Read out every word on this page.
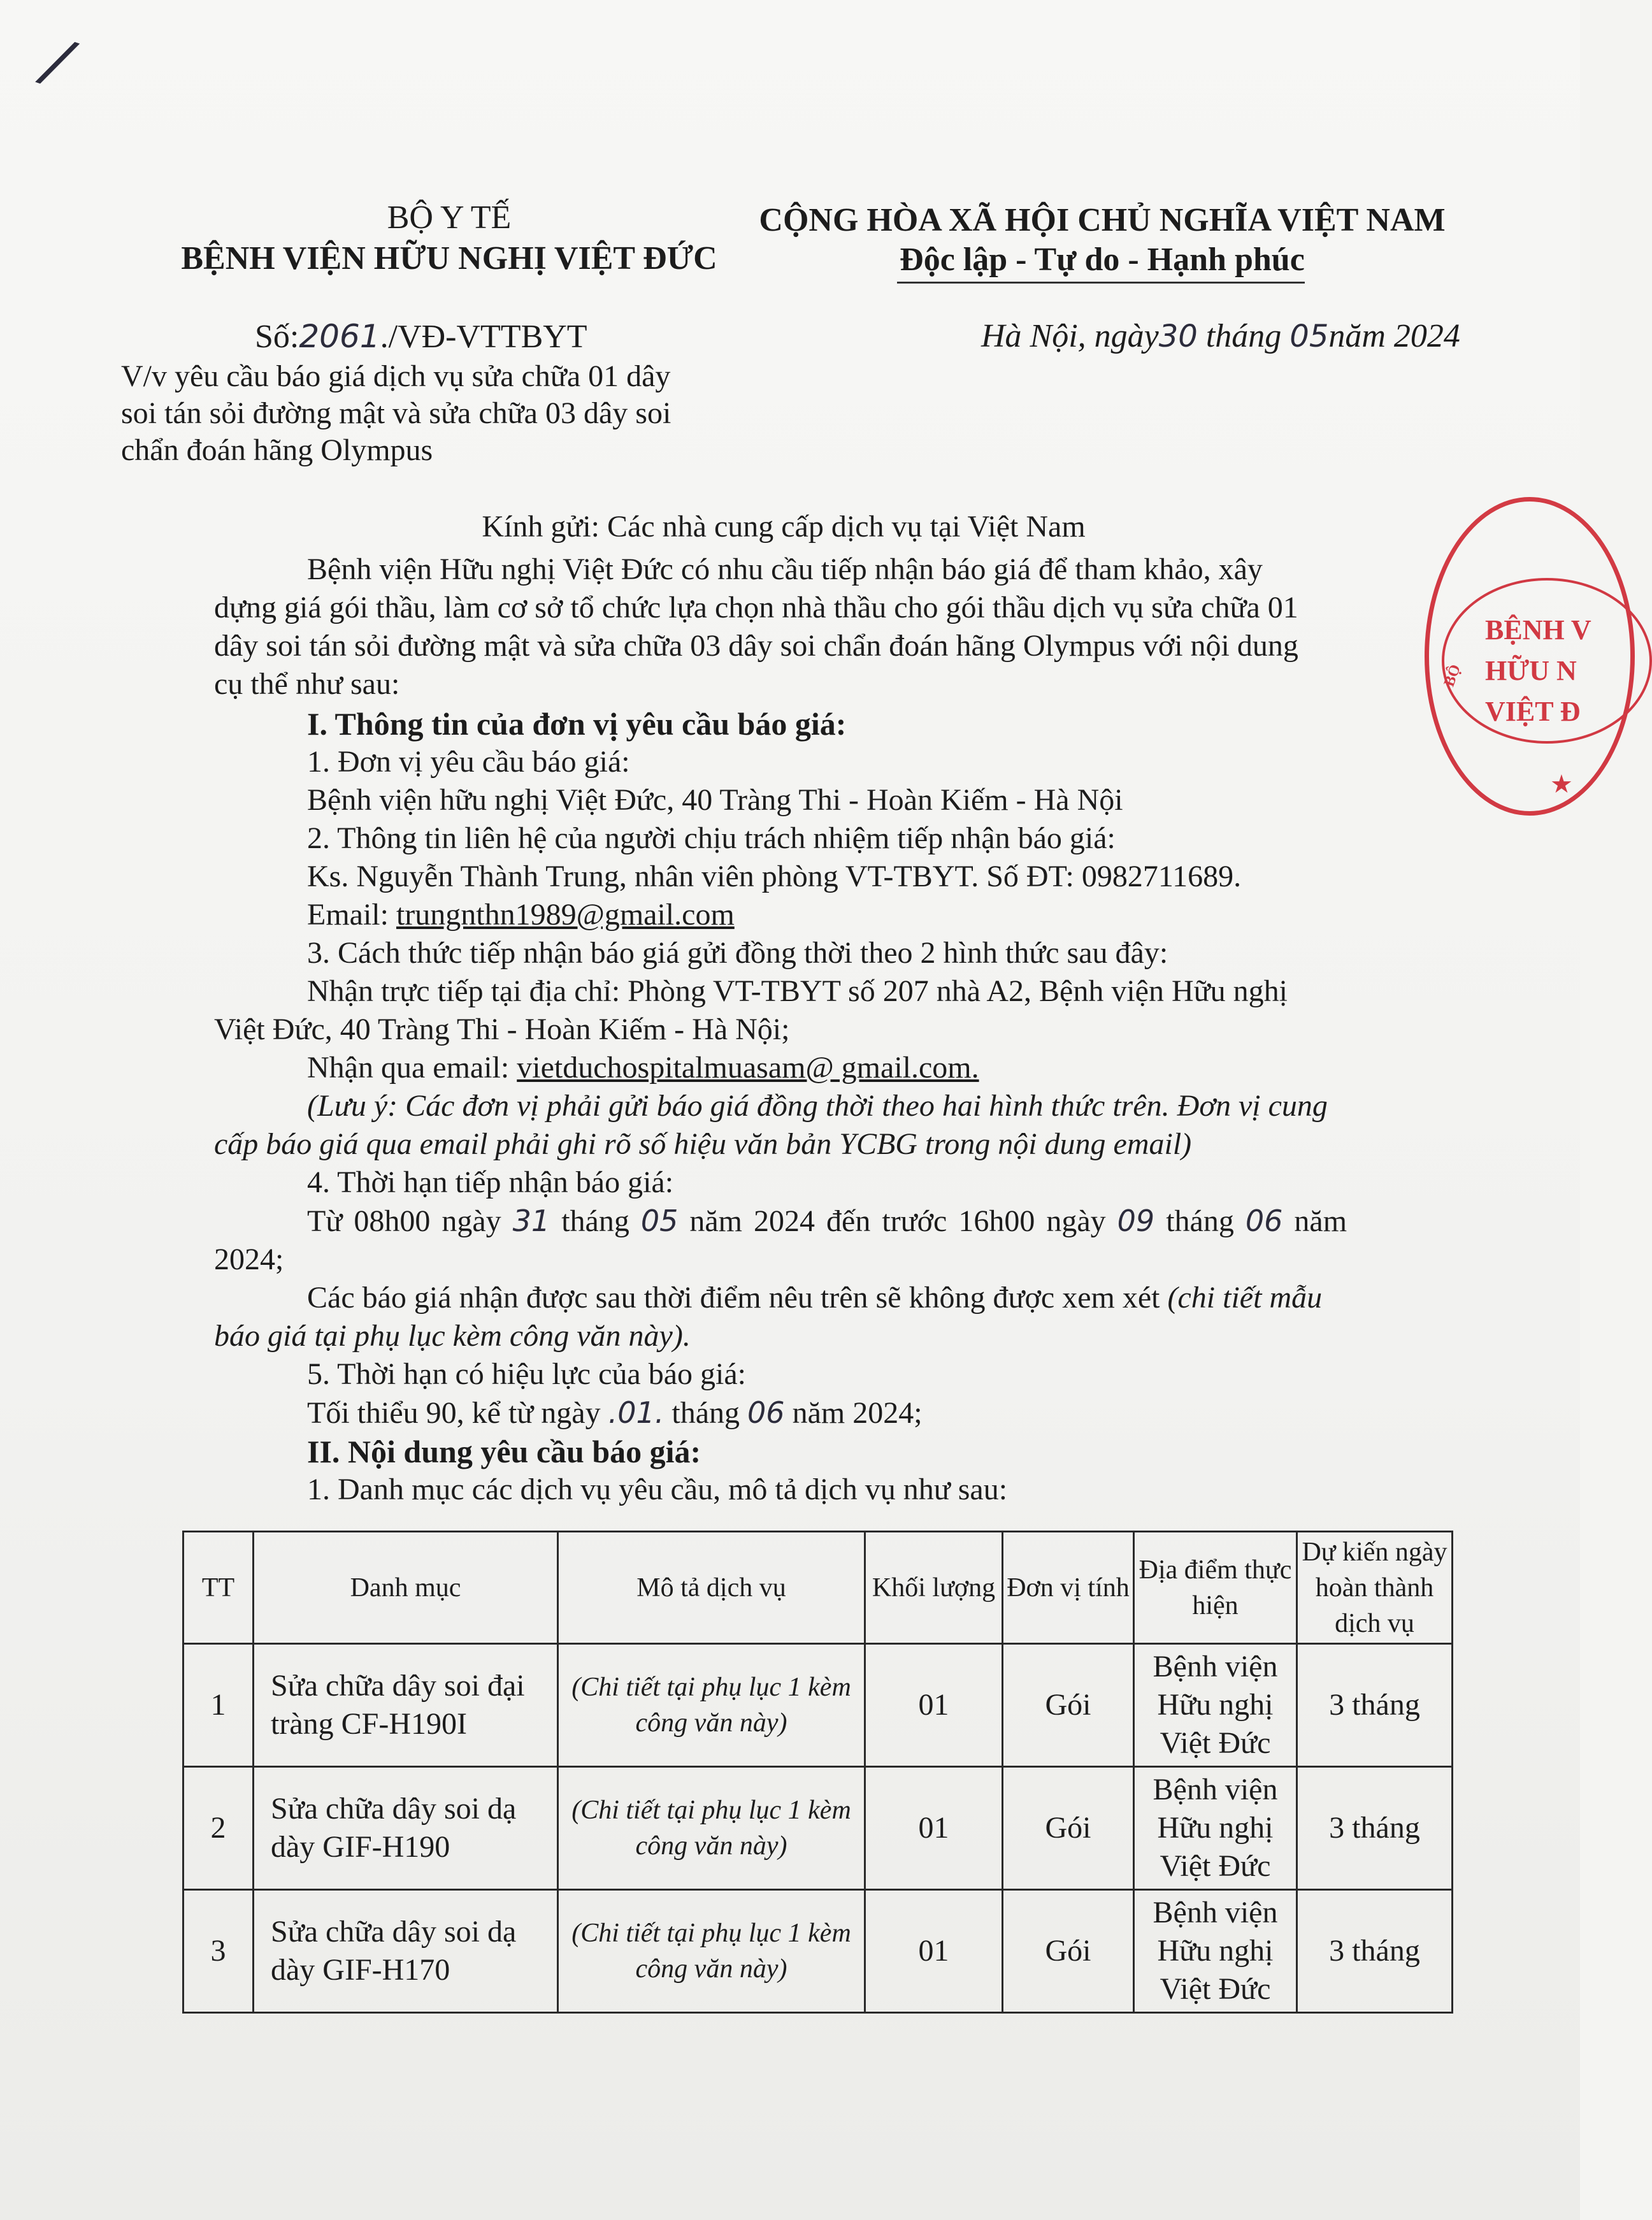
/
BỘ Y TẾ
BỆNH VIỆN HỮU NGHỊ VIỆT ĐỨC
CỘNG HÒA XÃ HỘI CHỦ NGHĨA VIỆT NAM
Độc lập - Tự do - Hạnh phúc
Số:2061./VĐ-VTTBYT	Hà Nội, ngày30 tháng 05năm 2024
V/v yêu cầu báo giá dịch vụ sửa chữa 01 dây
soi tán sỏi đường mật và sửa chữa 03 dây soi
chẩn đoán hãng Olympus
Kính gửi: Các nhà cung cấp dịch vụ tại Việt Nam
Bệnh viện Hữu nghị Việt Đức có nhu cầu tiếp nhận báo giá để tham khảo, xây
dựng giá gói thầu, làm cơ sở tổ chức lựa chọn nhà thầu cho gói thầu dịch vụ sửa chữa 01
dây soi tán sỏi đường mật và sửa chữa 03 dây soi chẩn đoán hãng Olympus với nội dung
cụ thể như sau:
I. Thông tin của đơn vị yêu cầu báo giá:
1. Đơn vị yêu cầu báo giá:
Bệnh viện hữu nghị Việt Đức, 40 Tràng Thi - Hoàn Kiếm - Hà Nội
2. Thông tin liên hệ của người chịu trách nhiệm tiếp nhận báo giá:
Ks. Nguyễn Thành Trung, nhân viên phòng VT-TBYT. Số ĐT: 0982711689.
Email: trungnthn1989@gmail.com
3. Cách thức tiếp nhận báo giá gửi đồng thời theo 2 hình thức sau đây:
Nhận trực tiếp tại địa chỉ: Phòng VT-TBYT số 207 nhà A2, Bệnh viện Hữu nghị
Việt Đức, 40 Tràng Thi - Hoàn Kiếm - Hà Nội;
Nhận qua email: vietduchospitalmuasam@ gmail.com.
(Lưu ý: Các đơn vị phải gửi báo giá đồng thời theo hai hình thức trên. Đơn vị cung
cấp báo giá qua email phải ghi rõ số hiệu văn bản YCBG trong nội dung email)
4. Thời hạn tiếp nhận báo giá:
Từ 08h00 ngày 31 tháng 05 năm 2024 đến trước 16h00 ngày 09 tháng 06 năm
2024;
Các báo giá nhận được sau thời điểm nêu trên sẽ không được xem xét (chi tiết mẫu
báo giá tại phụ lục kèm công văn này).
5. Thời hạn có hiệu lực của báo giá:
Tối thiểu 90, kể từ ngày .01. tháng 06 năm 2024;
II. Nội dung yêu cầu báo giá:
1. Danh mục các dịch vụ yêu cầu, mô tả dịch vụ như sau:
TT	Danh mục	Mô tả dịch vụ	Khối lượng	Đơn vị tính	Địa điểm thực hiện	Dự kiến ngày hoàn thành dịch vụ
1	Sửa chữa dây soi đại tràng CF-H190I	(Chi tiết tại phụ lục 1 kèm công văn này)	01	Gói	Bệnh viện Hữu nghị Việt Đức	3 tháng
2	Sửa chữa dây soi dạ dày GIF-H190	(Chi tiết tại phụ lục 1 kèm công văn này)	01	Gói	Bệnh viện Hữu nghị Việt Đức	3 tháng
3	Sửa chữa dây soi dạ dày GIF-H170	(Chi tiết tại phụ lục 1 kèm công văn này)	01	Gói	Bệnh viện Hữu nghị Việt Đức	3 tháng
BỆNH V
HỮU N
VIỆT Đ
BỘ
★
